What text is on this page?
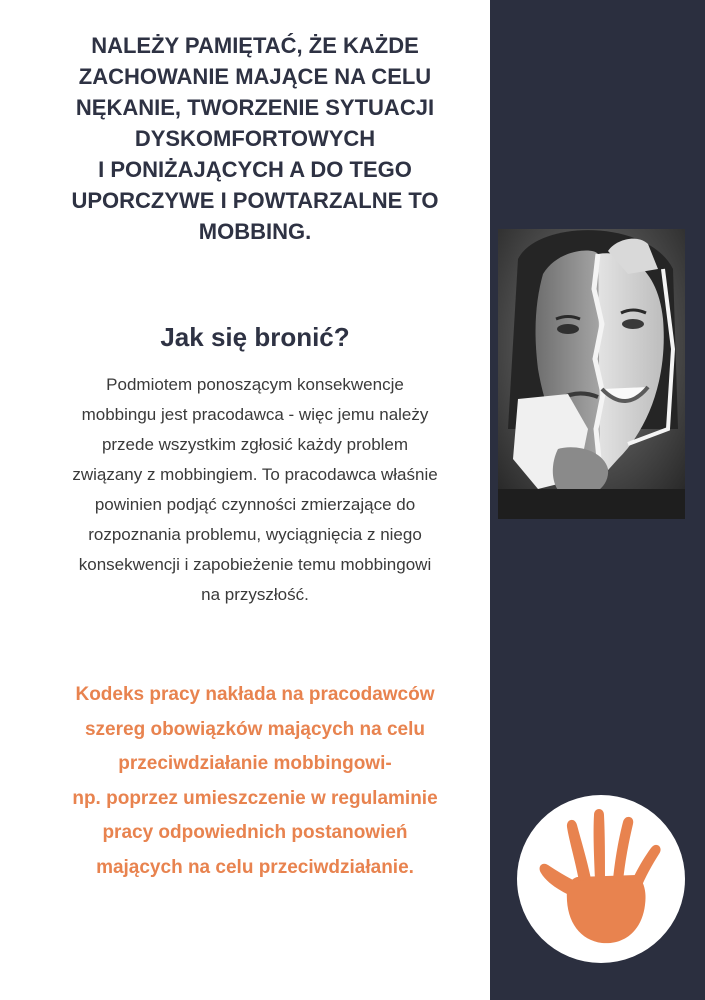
NALEŻY PAMIĘTAĆ, ŻE KAŻDE
ZACHOWANIE MAJĄCE NA CELU
NĘKANIE, TWORZENIE SYTUACJI
DYSKOMFORTOWYCH
I PONIŻAJĄCYCH A DO TEGO
UPORCZYWE I POWTARZALNE TO
MOBBING.
Jak się bronić?

Podmiotem ponoszącym konsekwencje
mobbingu jest pracodawca - więc jemu należy
przede wszystkim zgłosić każdy problem
związany z mobbingiem. To pracodawca właśnie
powinien podjąć czynności zmierzające do
rozpoznania problemu, wyciągnięcia z niego
konsekwencji i zapobieżenie temu mobbingowi
na przyszłość.

Kodeks pracy nakłada na pracodawców
szereg obowiązków mających na celu
przeciwdziałanie mobbingowi-
np. poprzez umieszczenie w regulaminie
pracy odpowiednich postanowień
mających na celu przeciwdziałanie.
